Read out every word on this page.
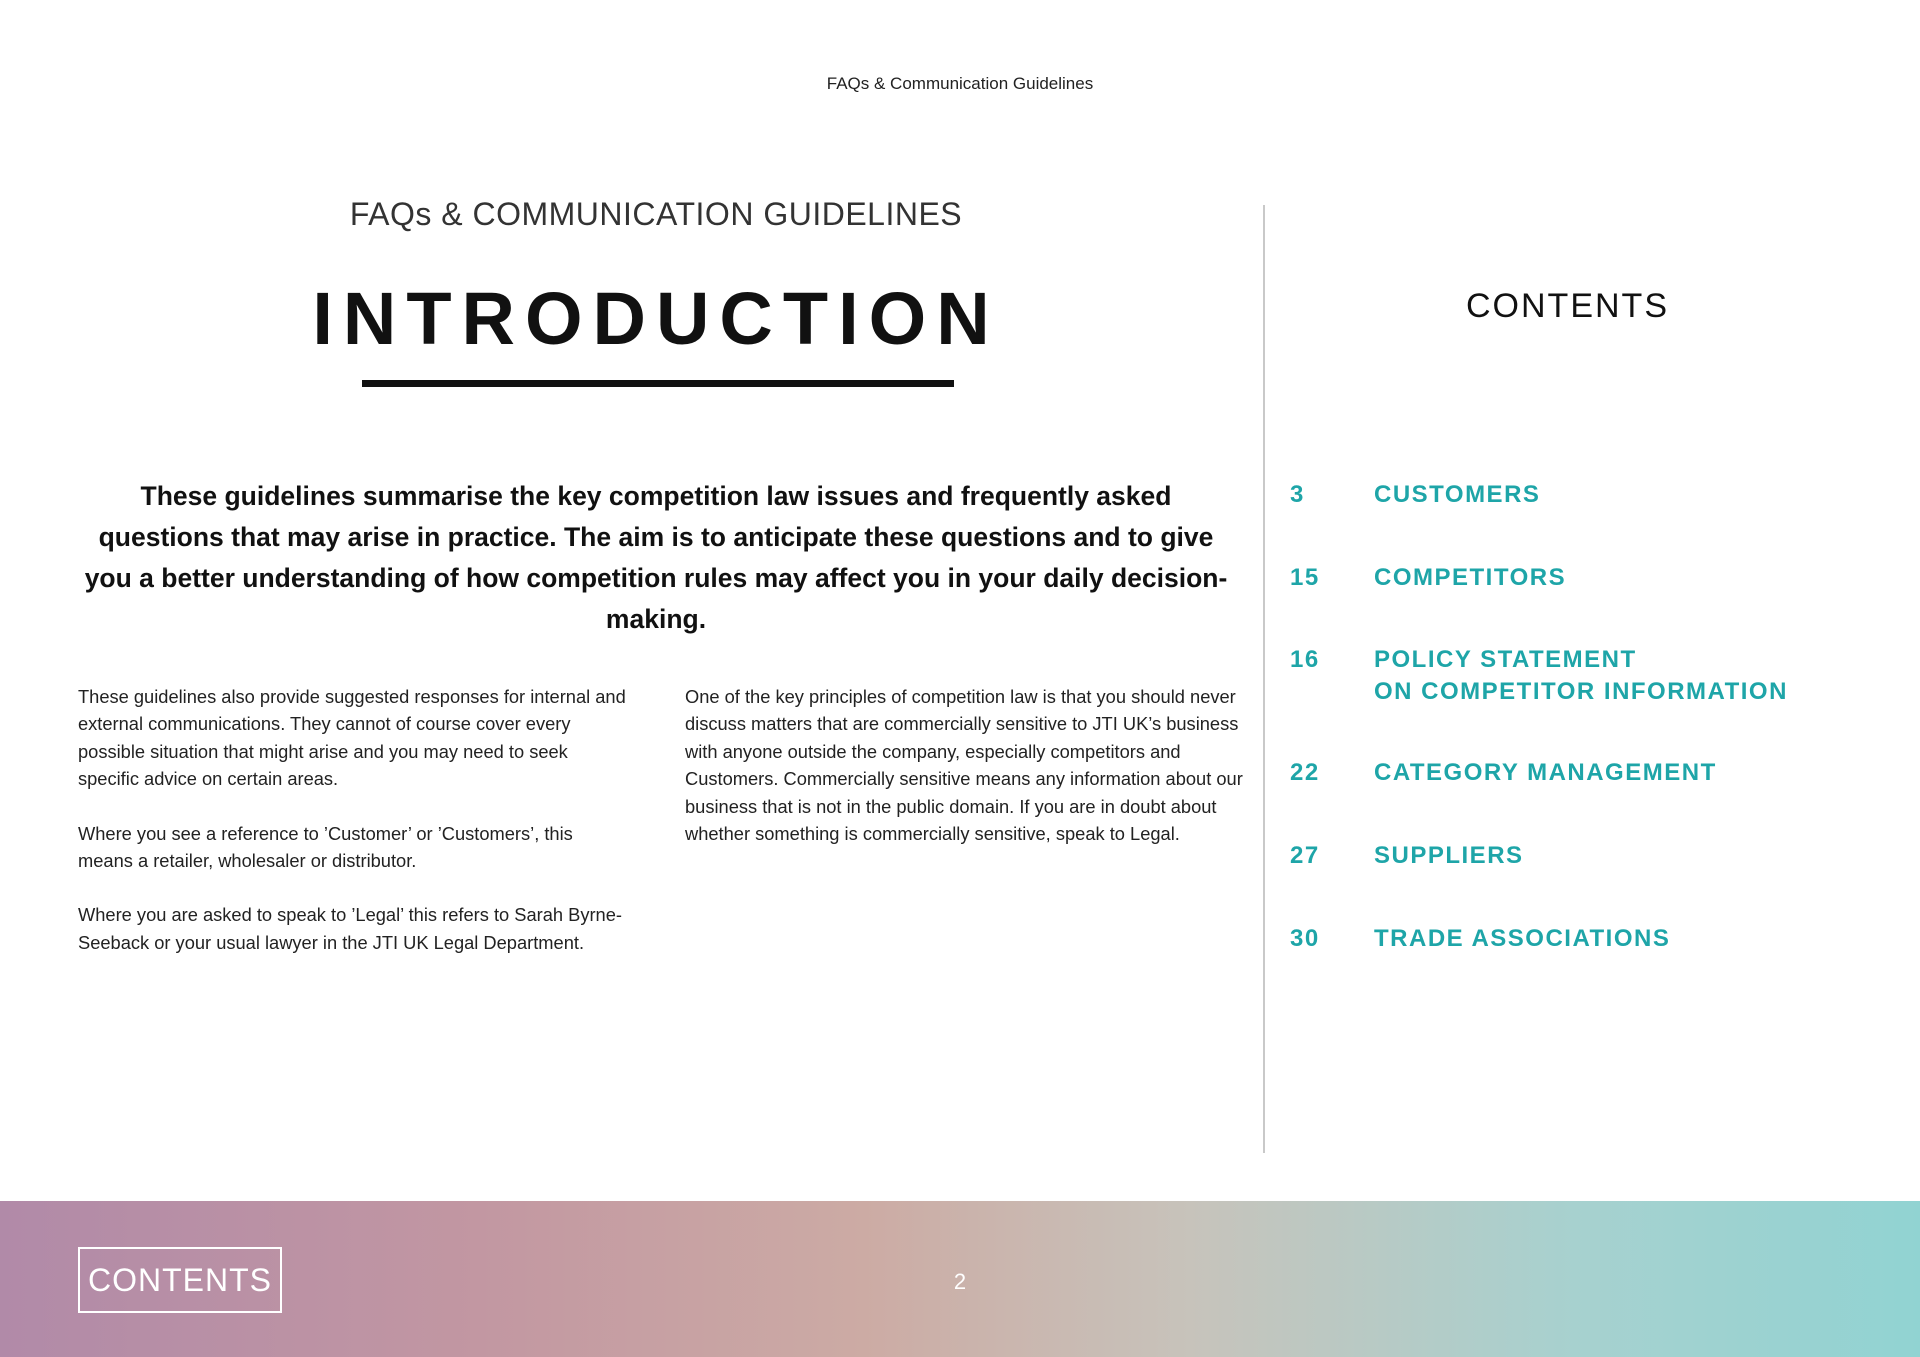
FAQs & Communication Guidelines
FAQs & COMMUNICATION GUIDELINES
INTRODUCTION

These guidelines summarise the key competition law issues and frequently asked questions that may arise in practice. The aim is to anticipate these questions and to give you a better understanding of how competition rules may affect you in your daily decision-making.

These guidelines also provide suggested responses for internal and external communications. They cannot of course cover every possible situation that might arise and you may need to seek specific advice on certain areas.

Where you see a reference to ’Customer’ or ’Customers’, this means a retailer, wholesaler or distributor.

Where you are asked to speak to ’Legal’ this refers to Sarah Byrne-Seeback or your usual lawyer in the JTI UK Legal Department.

One of the key principles of competition law is that you should never discuss matters that are commercially sensitive to JTI UK’s business with anyone outside the company, especially competitors and Customers. Commercially sensitive means any information about our business that is not in the public domain. If you are in doubt about whether something is commercially sensitive, speak to Legal.

CONTENTS
3	CUSTOMERS
15	COMPETITORS
16	POLICY STATEMENT
ON COMPETITOR INFORMATION
22	CATEGORY MANAGEMENT
27	SUPPLIERS
30	TRADE ASSOCIATIONS
CONTENTS	2
